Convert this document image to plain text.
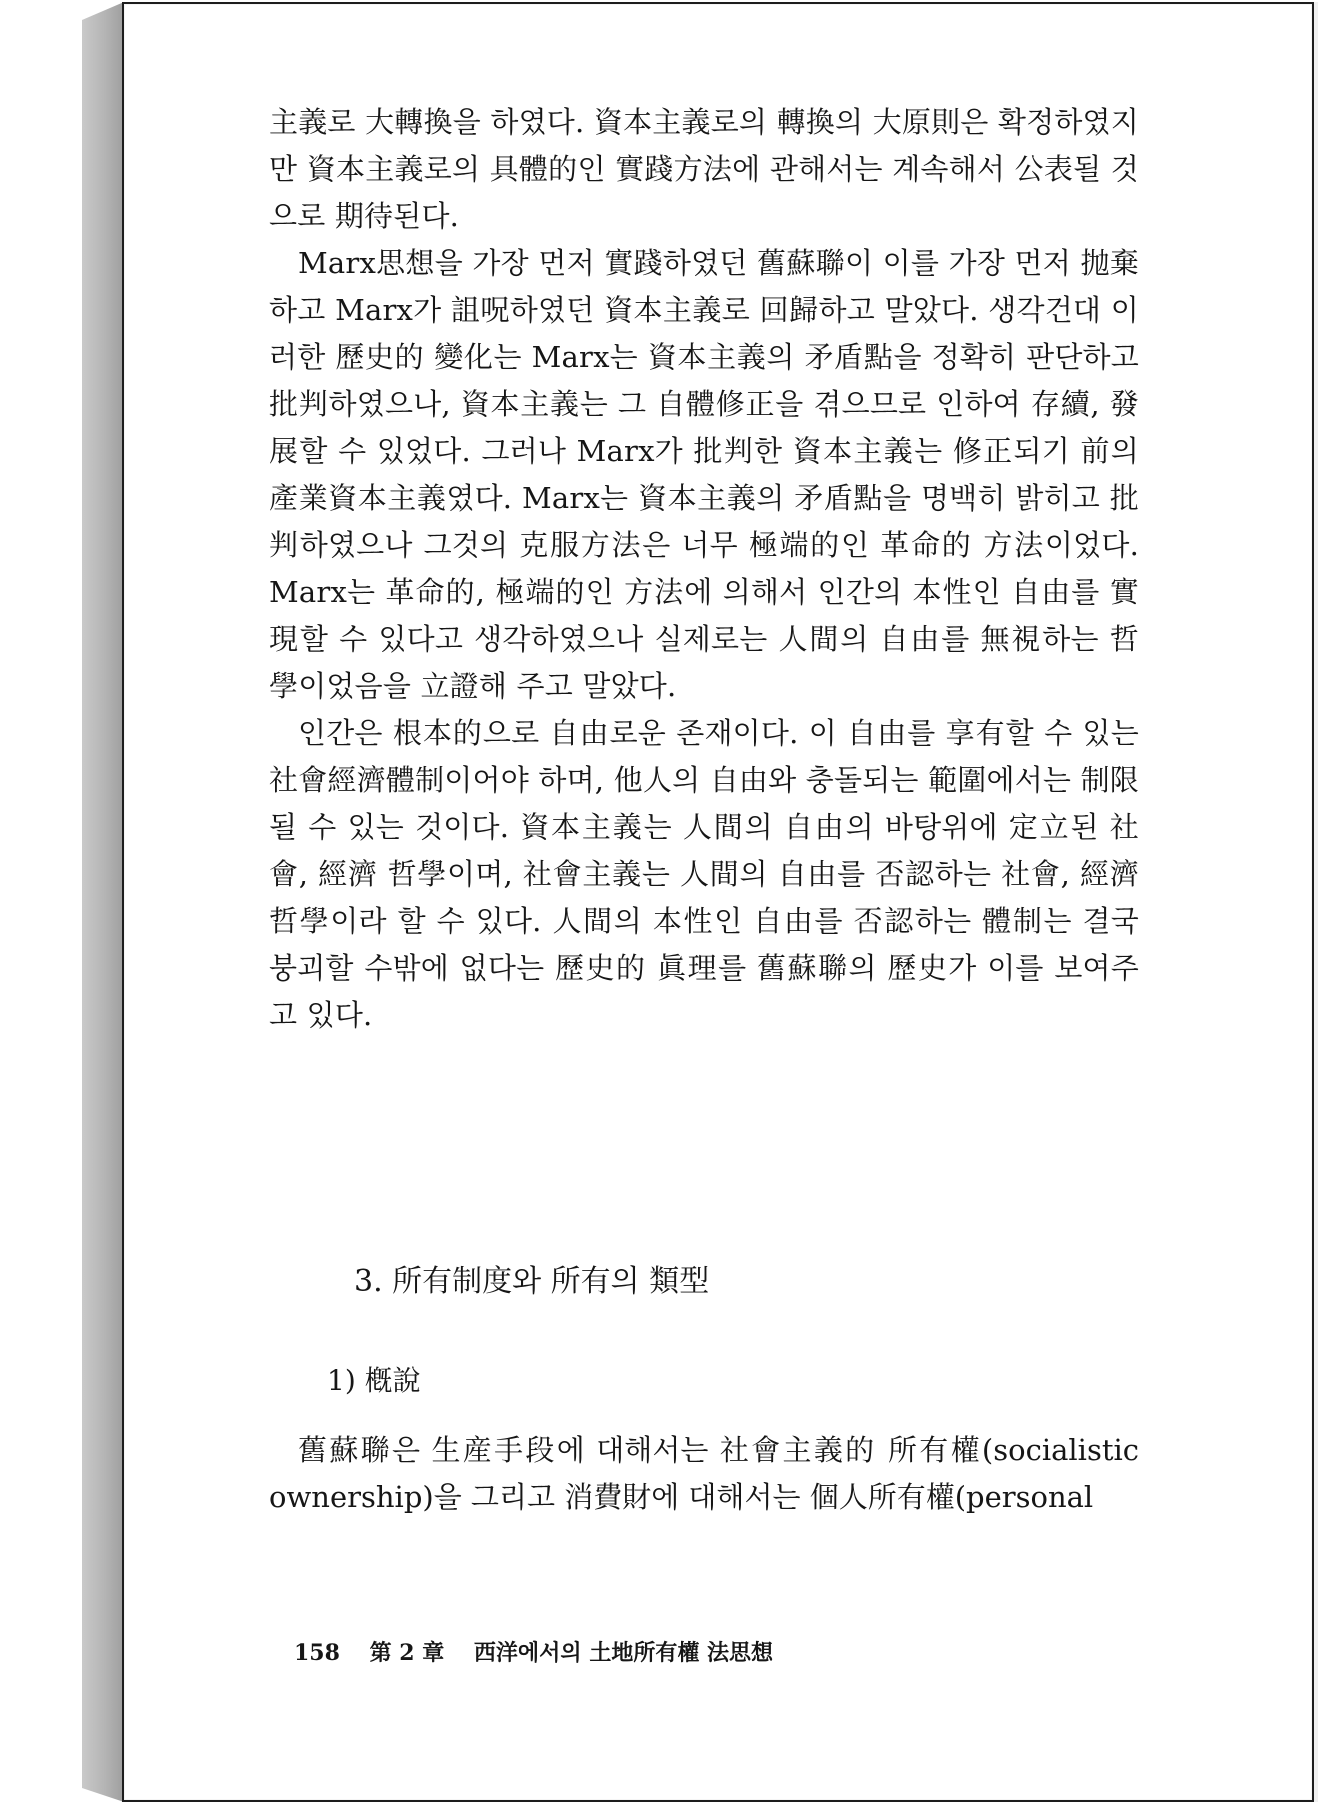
主義로 大轉換을 하였다. 資本主義로의 轉換의 大原則은 확정하였지만 資本主義로의 具體的인 實踐方法에 관해서는 계속해서 公表될 것으로 期待된다.

Marx思想을 가장 먼저 實踐하였던 舊蘇聯이 이를 가장 먼저 抛棄하고 Marx가 詛呪하였던 資本主義로 回歸하고 말았다. 생각건대 이러한 歷史的 變化는 Marx는 資本主義의 矛盾點을 정확히 판단하고 批判하였으나, 資本主義는 그 自體修正을 겪으므로 인하여 存續, 發展할 수 있었다. 그러나 Marx가 批判한 資本主義는 修正되기 前의 產業資本主義였다. Marx는 資本主義의 矛盾點을 명백히 밝히고 批判하였으나 그것의 克服方法은 너무 極端的인 革命的 方法이었다. Marx는 革命的, 極端的인 方法에 의해서 인간의 本性인 自由를 實現할 수 있다고 생각하였으나 실제로는 人間의 自由를 無視하는 哲學이었음을 立證해 주고 말았다.

인간은 根本的으로 自由로운 존재이다. 이 自由를 享有할 수 있는 社會經濟體制이어야 하며, 他人의 自由와 충돌되는 範圍에서는 制限될 수 있는 것이다. 資本主義는 人間의 自由의 바탕위에 定立된 社會, 經濟 哲學이며, 社會主義는 人間의 自由를 否認하는 社會, 經濟 哲學이라 할 수 있다. 人間의 本性인 自由를 否認하는 體制는 결국 붕괴할 수밖에 없다는 歷史的 眞理를 舊蘇聯의 歷史가 이를 보여주고 있다.

3. 所有制度와 所有의 類型
1) 槪說

舊蘇聯은 生産手段에 대해서는 社會主義的 所有權(socialistic ownership)을 그리고 消費財에 대해서는 個人所有權(personal

158 第 2 章 西洋에서의 土地所有權 法思想
